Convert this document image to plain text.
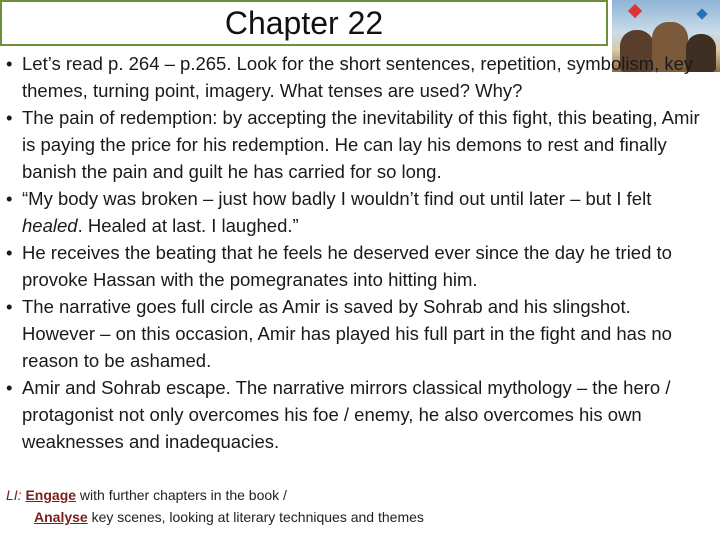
Chapter 22
• Let’s read p. 264 – p.265. Look for the short sentences, repetition, symbolism, key themes, turning point, imagery. What tenses are used? Why?
• The pain of redemption: by accepting the inevitability of this fight, this beating, Amir is paying the price for his redemption. He can lay his demons to rest and finally banish the pain and guilt he has carried for so long.
• “My body was broken – just how badly I wouldn’t find out until later – but I felt healed. Healed at last. I laughed.”
• He receives the beating that he feels he deserved ever since the day he tried to provoke Hassan with the pomegranates into hitting him.
• The narrative goes full circle as Amir is saved by Sohrab and his slingshot. However – on this occasion, Amir has played his full part in the fight and has no reason to be ashamed.
• Amir and Sohrab escape. The narrative mirrors classical mythology – the hero / protagonist not only overcomes his foe / enemy, he also overcomes his own weaknesses and inadequacies.
LI: Engage with further chapters in the book /
Analyse key scenes, looking at literary techniques and themes
